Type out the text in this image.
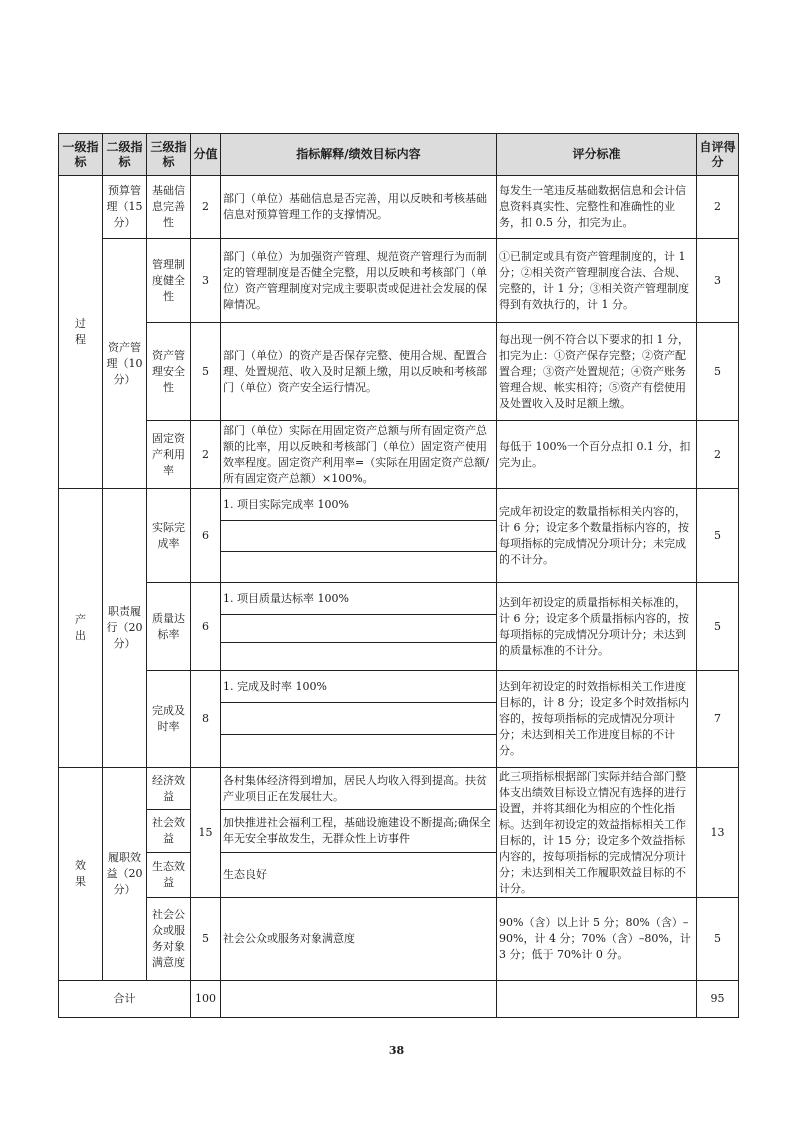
一级指标	二级指标	三级指标	分值	指标解释/绩效目标内容	评分标准	自评得分
过程	预算管理（15分）	基础信息完善性	2	部门（单位）基础信息是否完善，用以反映和考核基础信息对预算管理工作的支撑情况。	每发生一笔违反基础数据信息和会计信息资料真实性、完整性和准确性的业务，扣 0.5 分，扣完为止。	2
	资产管理（10分）	管理制度健全性	3	部门（单位）为加强资产管理、规范资产管理行为而制定的管理制度是否健全完整，用以反映和考核部门（单位）资产管理制度对完成主要职责或促进社会发展的保障情况。	①已制定或具有资产管理制度的，计 1 分；②相关资产管理制度合法、合规、完整的，计 1 分；③相关资产管理制度得到有效执行的，计 1 分。	3
		资产管理安全性	5	部门（单位）的资产是否保存完整、使用合规、配置合理、处置规范、收入及时足额上缴，用以反映和考核部门（单位）资产安全运行情况。	每出现一例不符合以下要求的扣 1 分，扣完为止：①资产保存完整；②资产配置合理；③资产处置规范；④资产账务管理合规、帐实相符；⑤资产有偿使用及处置收入及时足额上缴。	5
		固定资产利用率	2	部门（单位）实际在用固定资产总额与所有固定资产总额的比率，用以反映和考核部门（单位）固定资产使用效率程度。固定资产利用率=（实际在用固定资产总额/所有固定资产总额）×100%。	每低于 100%一个百分点扣 0.1 分，扣完为止。	2
产出	职责履行（20分）	实际完成率	6	1. 项目实际完成率 100%	完成年初设定的数量指标相关内容的，计 6 分；设定多个数量指标内容的，按每项指标的完成情况分项计分；未完成的不计分。	5

		质量达标率	6	1. 项目质量达标率 100%	达到年初设定的质量指标相关标准的，计 6 分；设定多个质量指标内容的，按每项指标的完成情况分项计分；未达到的质量标准的不计分。	5

		完成及时率	8	1. 完成及时率 100%	达到年初设定的时效指标相关工作进度目标的，计 8 分；设定多个时效指标内容的，按每项指标的完成情况分项计分；未达到相关工作进度目标的不计分。	7

效果	履职效益（20分）	经济效益	15	各村集体经济得到增加，居民人均收入得到提高。扶贫产业项目正在发展壮大。	此三项指标根据部门实际并结合部门整体支出绩效目标设立情况有选择的进行设置，并将其细化为相应的个性化指标。达到年初设定的效益指标相关工作目标的，计 15 分；设定多个效益指标内容的，按每项指标的完成情况分项计分；未达到相关工作履职效益目标的不计分。	13
		社会效益		加快推进社会福利工程，基础设施建设不断提高;确保全年无安全事故发生，无群众性上访事件		
		生态效益		生态良好		
		社会公众或服务对象满意度	5	社会公众或服务对象满意度	90%（含）以上计 5 分；80%（含）–90%，计 4 分；70%（含）–80%，计 3 分；低于 70%计 0 分。	5
合计			100			95
38
